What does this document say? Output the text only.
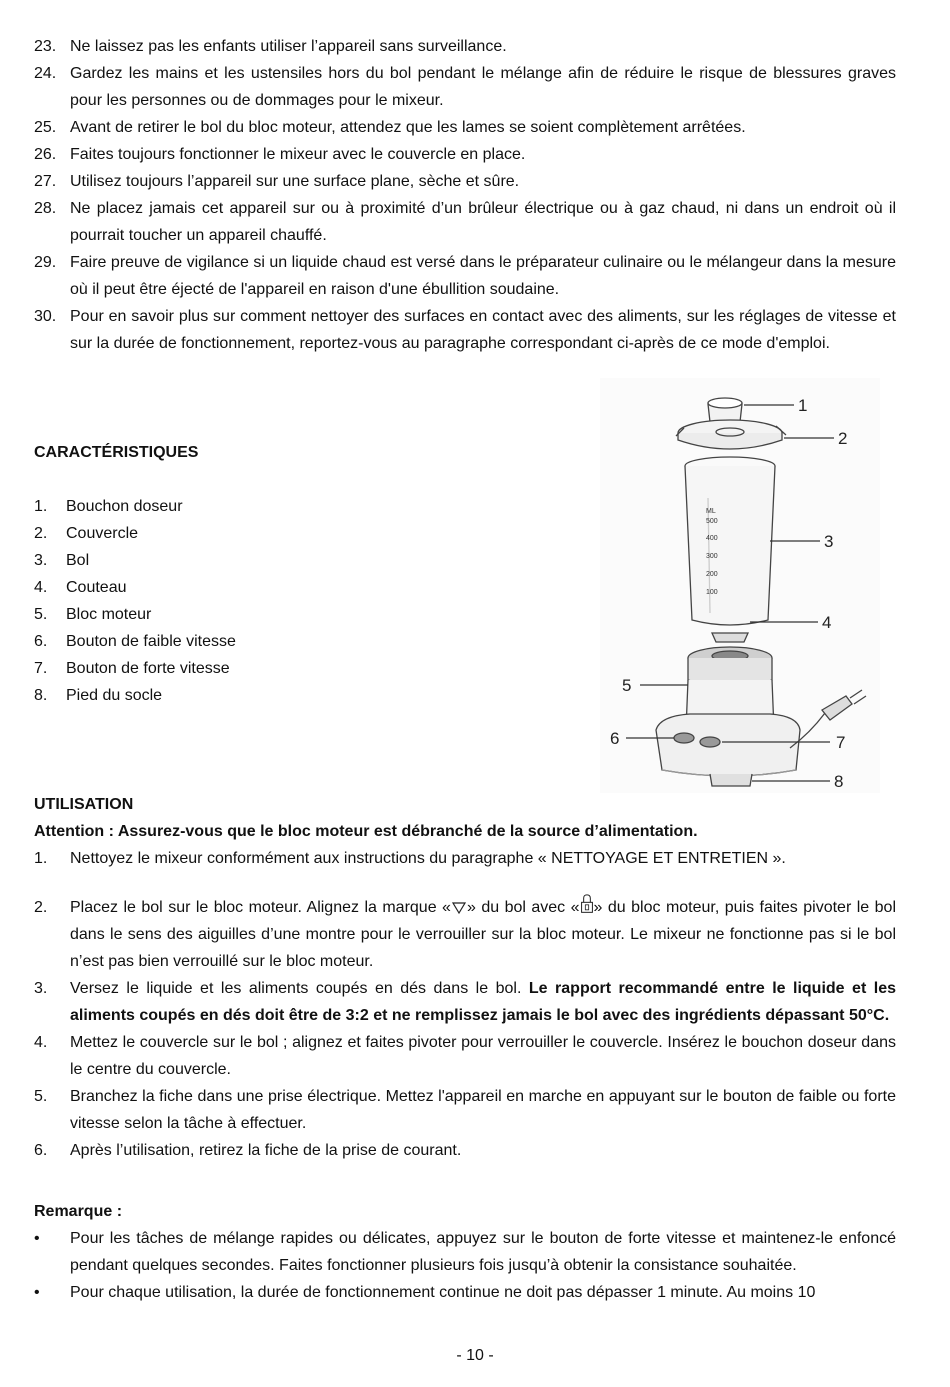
23. Ne laissez pas les enfants utiliser l’appareil sans surveillance.
24. Gardez les mains et les ustensiles hors du bol pendant le mélange afin de réduire le risque de blessures graves pour les personnes ou de dommages pour le mixeur.
25. Avant de retirer le bol du bloc moteur, attendez que les lames se soient complètement arrêtées.
26. Faites toujours fonctionner le mixeur avec le couvercle en place.
27. Utilisez toujours l’appareil sur une surface plane, sèche et sûre.
28. Ne placez jamais cet appareil sur ou à proximité d’un brûleur électrique ou à gaz chaud, ni dans un endroit où il pourrait toucher un appareil chauffé.
29. Faire preuve de vigilance si un liquide chaud est versé dans le préparateur culinaire ou le mélangeur dans la mesure où il peut être éjecté de l'appareil en raison d'une ébullition soudaine.
30. Pour en savoir plus sur comment nettoyer des surfaces en contact avec des aliments, sur les réglages de vitesse et sur la durée de fonctionnement, reportez-vous au paragraphe correspondant ci-après de ce mode d'emploi.
CARACTÉRISTIQUES
1. Bouchon doseur
2. Couvercle
3. Bol
4. Couteau
5. Bloc moteur
6. Bouton de faible vitesse
7. Bouton de forte vitesse
8. Pied du socle
ML
500
400
300
200
100
1
2
3
4
5
6	7
8
UTILISATION
Attention : Assurez-vous que le bloc moteur est débranché de la source d’alimentation.
1. Nettoyez le mixeur conformément aux instructions du paragraphe « NETTOYAGE ET ENTRETIEN ».
2. Placez le bol sur le bloc moteur. Alignez la marque « » du bol avec « » du bloc moteur, puis faites pivoter le bol dans le sens des aiguilles d’une montre pour le verrouiller sur la bloc moteur. Le mixeur ne fonctionne pas si le bol n’est pas bien verrouillé sur le bloc moteur.
3. Versez le liquide et les aliments coupés en dés dans le bol. Le rapport recommandé entre le liquide et les aliments coupés en dés doit être de 3:2 et ne remplissez jamais le bol avec des ingrédients dépassant 50°C.
4. Mettez le couvercle sur le bol ; alignez et faites pivoter pour verrouiller le couvercle. Insérez le bouchon doseur dans le centre du couvercle.
5. Branchez la fiche dans une prise électrique. Mettez l'appareil en marche en appuyant sur le bouton de faible ou forte vitesse selon la tâche à effectuer.
6. Après l’utilisation, retirez la fiche de la prise de courant.
Remarque :
• Pour les tâches de mélange rapides ou délicates, appuyez sur le bouton de forte vitesse et maintenez-le enfoncé pendant quelques secondes. Faites fonctionner plusieurs fois jusqu’à obtenir la consistance souhaitée.
• Pour chaque utilisation, la durée de fonctionnement continue ne doit pas dépasser 1 minute. Au moins 10
- 10 -
